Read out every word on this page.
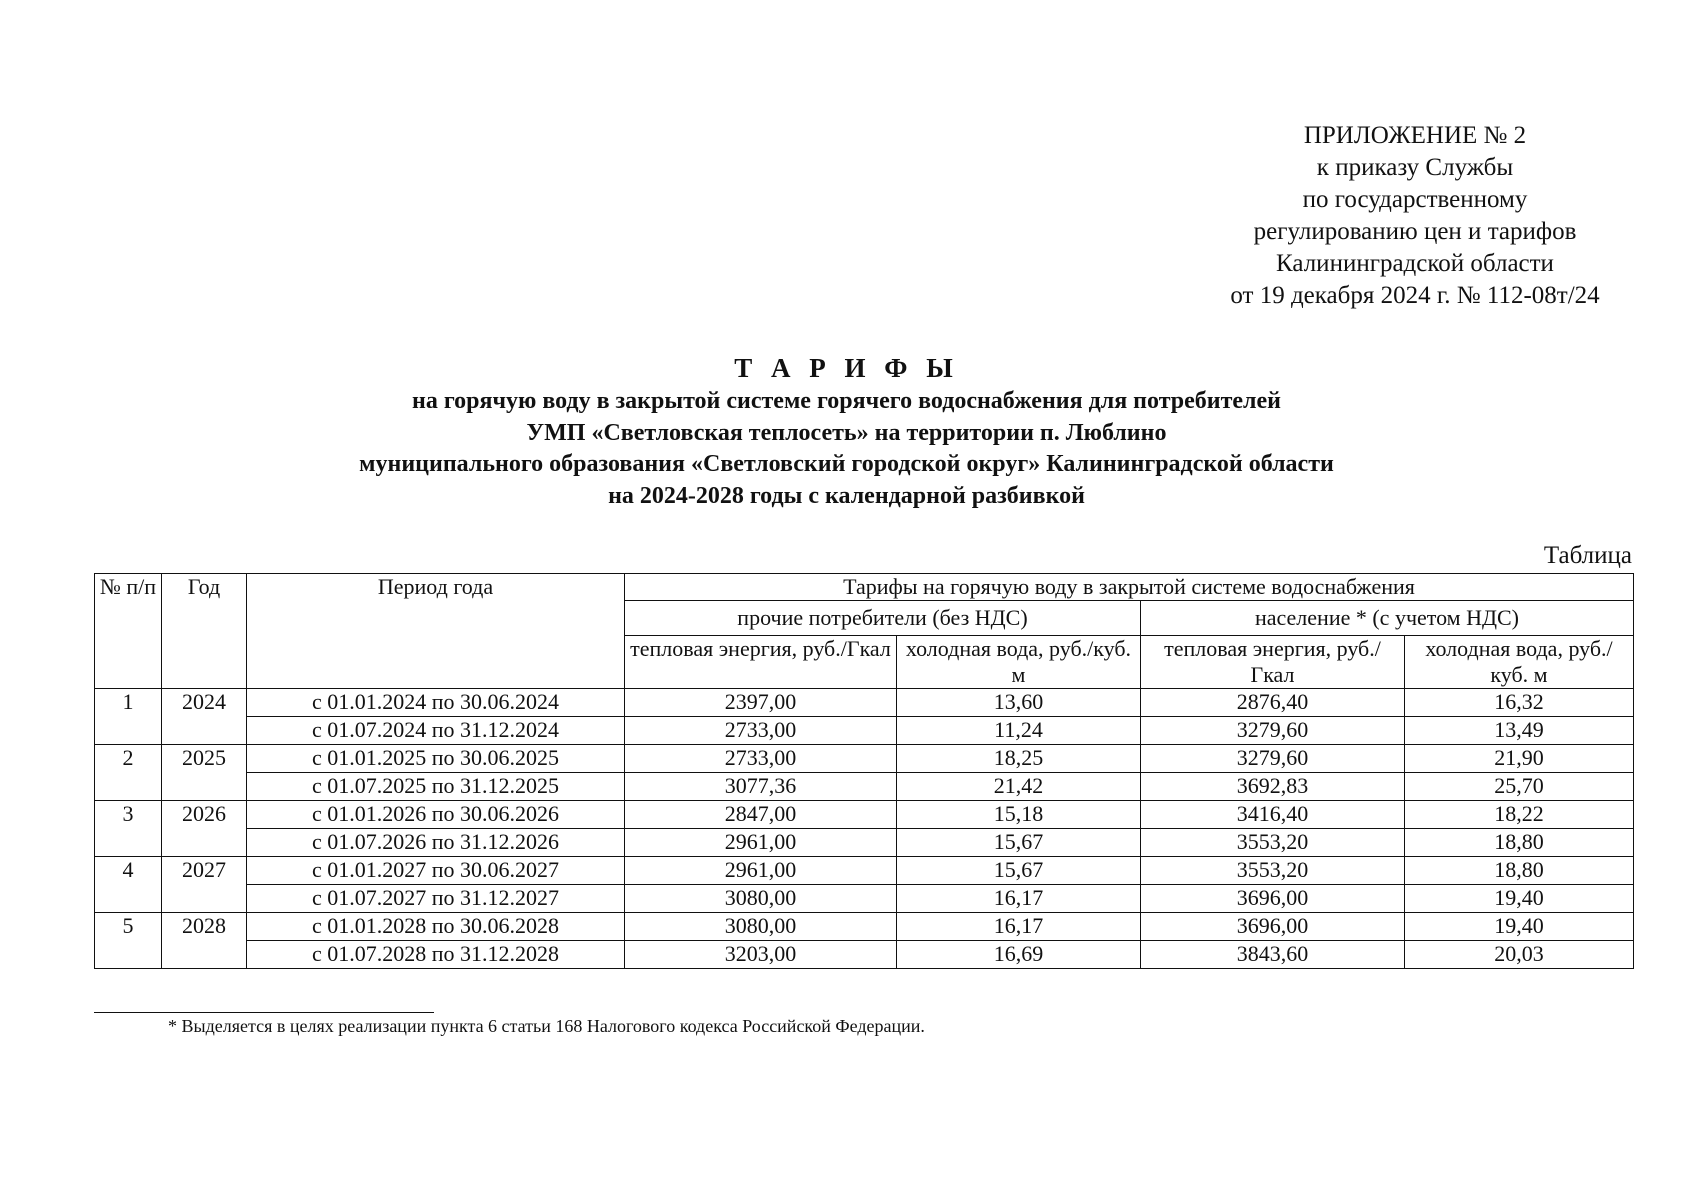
ПРИЛОЖЕНИЕ № 2
к приказу Службы
по государственному
регулированию цен и тарифов
Калининградской области
от 19 декабря 2024 г. № 112-08т/24
Т А Р И Ф Ы
на горячую воду в закрытой системе горячего водоснабжения для потребителей
УМП «Светловская теплосеть» на территории п. Люблино
муниципального образования «Светловский городской округ» Калининградской области
на 2024-2028 годы с календарной разбивкой
Таблица
№ п/п	Год	Период года	Тарифы на горячую воду в закрытой системе водоснабжения			
			прочие потребители (без НДС)		население * (с учетом НДС)	
			тепловая энергия, руб./Гкал	холодная вода, руб./куб. м	тепловая энергия, руб./Гкал	холодная вода, руб./куб. м
1	2024	с 01.01.2024 по 30.06.2024	2397,00	13,60	2876,40	16,32
		с 01.07.2024 по 31.12.2024	2733,00	11,24	3279,60	13,49
2	2025	с 01.01.2025 по 30.06.2025	2733,00	18,25	3279,60	21,90
		с 01.07.2025 по 31.12.2025	3077,36	21,42	3692,83	25,70
3	2026	с 01.01.2026 по 30.06.2026	2847,00	15,18	3416,40	18,22
		с 01.07.2026 по 31.12.2026	2961,00	15,67	3553,20	18,80
4	2027	с 01.01.2027 по 30.06.2027	2961,00	15,67	3553,20	18,80
		с 01.07.2027 по 31.12.2027	3080,00	16,17	3696,00	19,40
5	2028	с 01.01.2028 по 30.06.2028	3080,00	16,17	3696,00	19,40
		с 01.07.2028 по 31.12.2028	3203,00	16,69	3843,60	20,03
* Выделяется в целях реализации пункта 6 статьи 168 Налогового кодекса Российской Федерации.
